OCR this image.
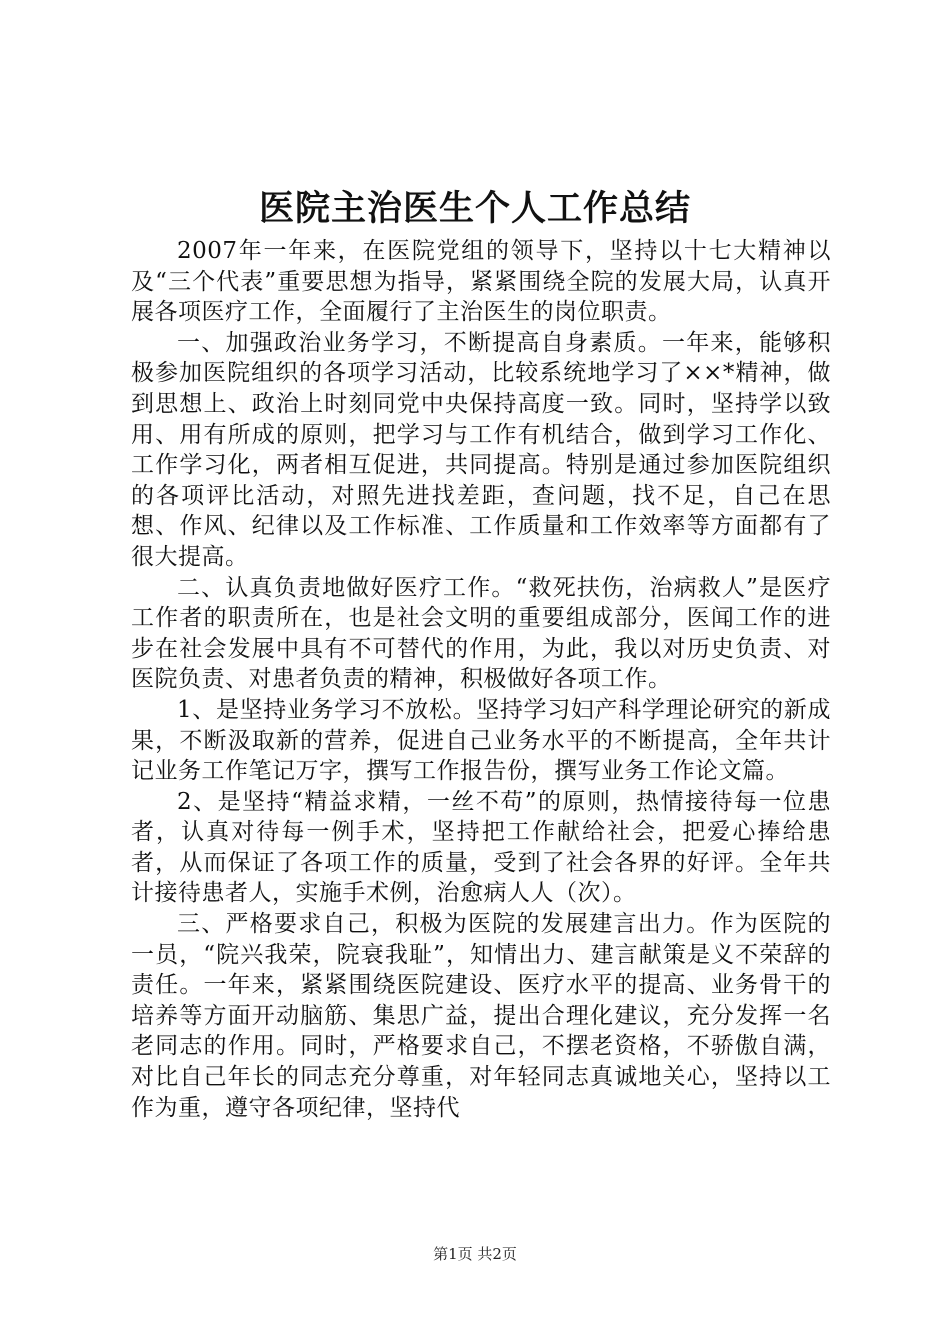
医院主治医生个人工作总结

2007年一年来，在医院党组的领导下，坚持以十七大精神以及“三个代表”重要思想为指导，紧紧围绕全院的发展大局，认真开展各项医疗工作，全面履行了主治医生的岗位职责。

一、加强政治业务学习，不断提高自身素质。一年来，能够积极参加医院组织的各项学习活动，比较系统地学习了××*精神，做到思想上、政治上时刻同党中央保持高度一致。同时，坚持学以致用、用有所成的原则，把学习与工作有机结合，做到学习工作化、工作学习化，两者相互促进，共同提高。特别是通过参加医院组织的各项评比活动，对照先进找差距，查问题，找不足，自己在思想、作风、纪律以及工作标准、工作质量和工作效率等方面都有了很大提高。

二、认真负责地做好医疗工作。“救死扶伤，治病救人”是医疗工作者的职责所在，也是社会文明的重要组成部分，医闻工作的进步在社会发展中具有不可替代的作用，为此，我以对历史负责、对医院负责、对患者负责的精神，积极做好各项工作。

1、是坚持业务学习不放松。坚持学习妇产科学理论研究的新成果，不断汲取新的营养，促进自己业务水平的不断提高，全年共计记业务工作笔记万字，撰写工作报告份，撰写业务工作论文篇。

2、是坚持“精益求精，一丝不苟”的原则，热情接待每一位患者，认真对待每一例手术，坚持把工作献给社会，把爱心捧给患者，从而保证了各项工作的质量，受到了社会各界的好评。全年共计接待患者人，实施手术例，治愈病人人（次）。

三、严格要求自己，积极为医院的发展建言出力。作为医院的一员，“院兴我荣，院衰我耻”，知情出力、建言献策是义不荣辞的责任。一年来，紧紧围绕医院建设、医疗水平的提高、业务骨干的培养等方面开动脑筋、集思广益，提出合理化建议，充分发挥一名老同志的作用。同时，严格要求自己，不摆老资格，不骄傲自满，对比自己年长的同志充分尊重，对年轻同志真诚地关心，坚持以工作为重，遵守各项纪律，坚持代

第1页 共2页
